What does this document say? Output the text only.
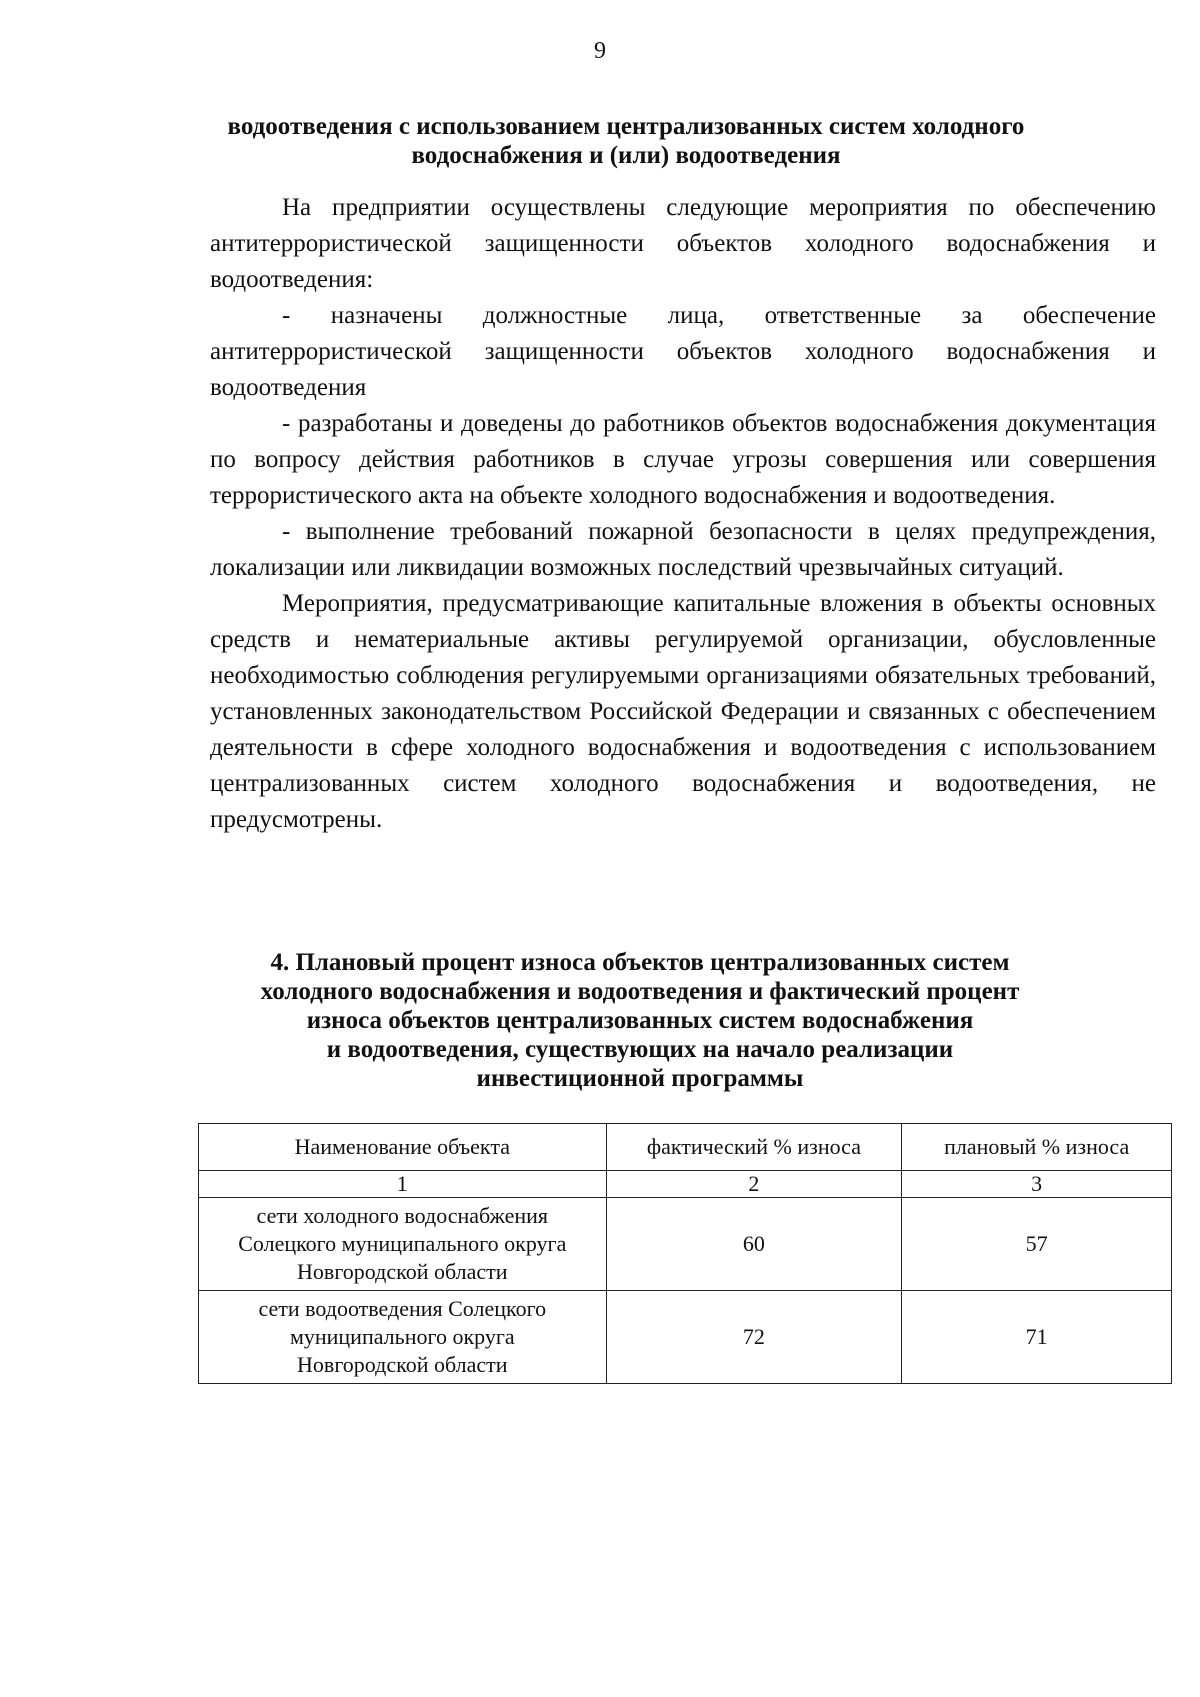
9
водоотведения с использованием централизованных систем холодного
водоснабжения и (или) водоотведения

На предприятии осуществлены следующие мероприятия по обеспечению антитеррористической защищенности объектов холодного водоснабжения и водоотведения:

- назначены должностные лица, ответственные за обеспечение антитеррористической защищенности объектов холодного водоснабжения и водоотведения

- разработаны и доведены до работников объектов водоснабжения документация по вопросу действия работников в случае угрозы совершения или совершения террористического акта на объекте холодного водоснабжения и водоотведения.

- выполнение требований пожарной безопасности в целях предупреждения, локализации или ликвидации возможных последствий чрезвычайных ситуаций.

Мероприятия, предусматривающие капитальные вложения в объекты основных средств и нематериальные активы регулируемой организации, обусловленные необходимостью соблюдения регулируемыми организациями обязательных требований, установленных законодательством Российской Федерации и связанных с обеспечением деятельности в сфере холодного водоснабжения и водоотведения с использованием централизованных систем холодного водоснабжения и водоотведения, не предусмотрены.

4. Плановый процент износа объектов централизованных систем
холодного водоснабжения и водоотведения и фактический процент
износа объектов централизованных систем водоснабжения
и водоотведения, существующих на начало реализации
инвестиционной программы
Наименование объекта	фактический % износа	плановый % износа
1	2	3

сети холодного водоснабжения
Солецкого муниципального округа
Новгородской области	60	57

сети водоотведения Солецкого
муниципального округа
Новгородской области	72	71
